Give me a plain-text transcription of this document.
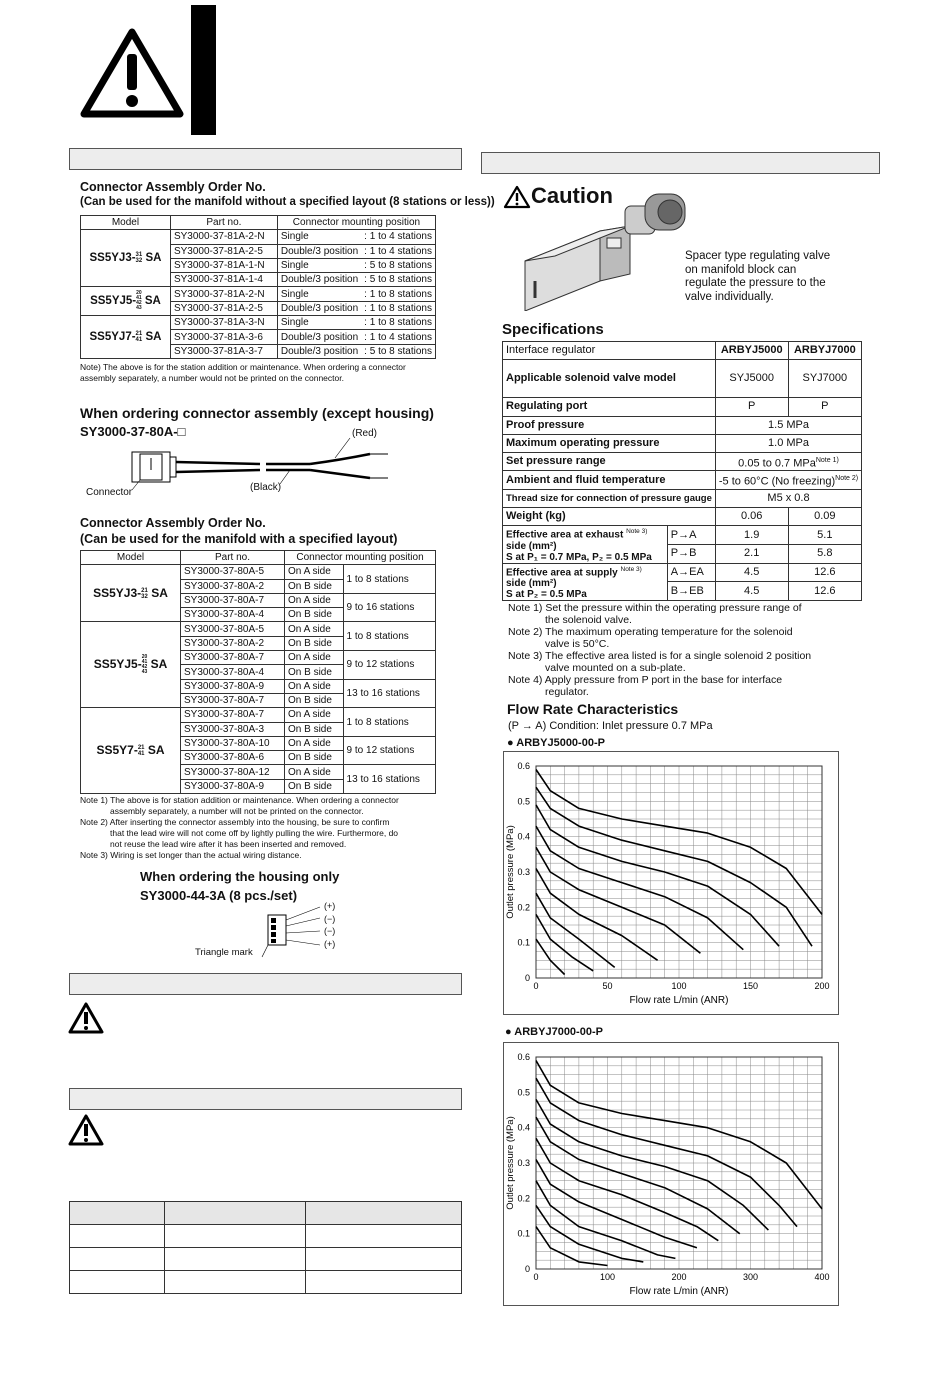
Connector Assembly Order No.
(Can be used for the manifold without a specified layout (8 stations or less))
Model	Part no.	Connector mounting position	
SS5YJ3-31
32 SA	SY3000-37-81A-2-N	Single	: 1 to 4 stations
	SY3000-37-81A-2-5	Double/3 position	: 1 to 4 stations
	SY3000-37-81A-1-N	Single	: 5 to 8 stations
	SY3000-37-81A-1-4	Double/3 position	: 5 to 8 stations
SS5YJ5-20
41
42
43 SA	SY3000-37-81A-2-N	Single	: 1 to 8 stations
	SY3000-37-81A-2-5	Double/3 position	: 1 to 8 stations
SS5YJ7-21
41 SA	SY3000-37-81A-3-N	Single	: 1 to 8 stations
	SY3000-37-81A-3-6	Double/3 position	: 1 to 4 stations
	SY3000-37-81A-3-7	Double/3 position	: 5 to 8 stations
Note) The above is for the station addition or maintenance. When ordering a connector assembly separately, a number would not be printed on the connector.
When ordering connector assembly (except housing)
SY3000-37-80A-□	(Red)
(Black)
Connector
Connector Assembly Order No.
(Can be used for the manifold with a specified layout)
Model	Part no.	Connector mounting position	
SS5YJ3-21
32 SA	SY3000-37-80A-5	On A side	1 to 8 stations
	SY3000-37-80A-2	On B side	
	SY3000-37-80A-7	On A side	9 to 16 stations
	SY3000-37-80A-4	On B side	
SS5YJ5-20
41
42
43 SA	SY3000-37-80A-5	On A side	1 to 8 stations
	SY3000-37-80A-2	On B side	
	SY3000-37-80A-7	On A side	9 to 12 stations
	SY3000-37-80A-4	On B side	
	SY3000-37-80A-9	On A side	13 to 16 stations
	SY3000-37-80A-7	On B side	
SS5Y7-21
41 SA	SY3000-37-80A-7	On A side	1 to 8 stations
	SY3000-37-80A-3	On B side	
	SY3000-37-80A-10	On A side	9 to 12 stations
	SY3000-37-80A-6	On B side	
	SY3000-37-80A-12	On A side	13 to 16 stations
	SY3000-37-80A-9	On B side	
Note 1) The above is for station addition or maintenance. When ordering a connector
assembly separately, a number will not be printed on the connector.
Note 2) After inserting the connector assembly into the housing, be sure to confirm
that the lead wire will not come off by lightly pulling the wire. Furthermore, do
not reuse the lead wire after it has been inserted and removed.
Note 3) Wiring is set longer than the actual wiring distance.
When ordering the housing only
SY3000-44-3A (8 pcs./set)
(+)
(−)
(−)
(+)
Triangle mark

Caution
Spacer type regulating valve
on manifold block can
regulate the pressure to the
valve individually.
Specifications
Interface regulator		ARBYJ5000	ARBYJ7000
Applicable solenoid valve model		SYJ5000	SYJ7000
Regulating port		P	P
Proof pressure		1.5 MPa	
Maximum operating pressure		1.0 MPa	
Set pressure range		0.05 to 0.7 MPa$^{Note 1)}$
Ambient and fluid temperature		-5 to 60°C (No freezing)$^{Note 2)}$
Thread size for connection of pressure gauge		M5 x 0.8	
Weight (kg)		0.06	0.09

Effective area at exhaust $^{Note 3)}$
side (mm²)
S at P₁ = 0.7 MPa, P₂ = 0.5 MPa	P→A	1.9	5.1
	P→B	2.1	5.8

Effective area at supply $^{Note 3)}$
side (mm²)
S at P₂ = 0.5 MPa	A→EA	4.5	12.6
	B→EB	4.5	12.6
Note 1) Set the pressure within the operating pressure range of
the solenoid valve.
Note 2) The maximum operating temperature for the solenoid
valve is 50°C.
Note 3) The effective area listed is for a single solenoid 2 position
valve mounted on a sub-plate.
Note 4) Apply pressure from P port in the base for interface
regulator.
Flow Rate Characteristics
(P → A) Condition: Inlet pressure 0.7 MPa
● ARBYJ5000-00-P
0	50	100	150	200
0
0.1
0.2
0.3
0.4
0.5
0.6
Flow rate L/min (ANR)
Outlet pressure (MPa)
● ARBYJ7000-00-P
0	100	200	300	400
0
0.1
0.2
0.3
0.4
0.5
0.6
Flow rate L/min (ANR)
Outlet pressure (MPa)
